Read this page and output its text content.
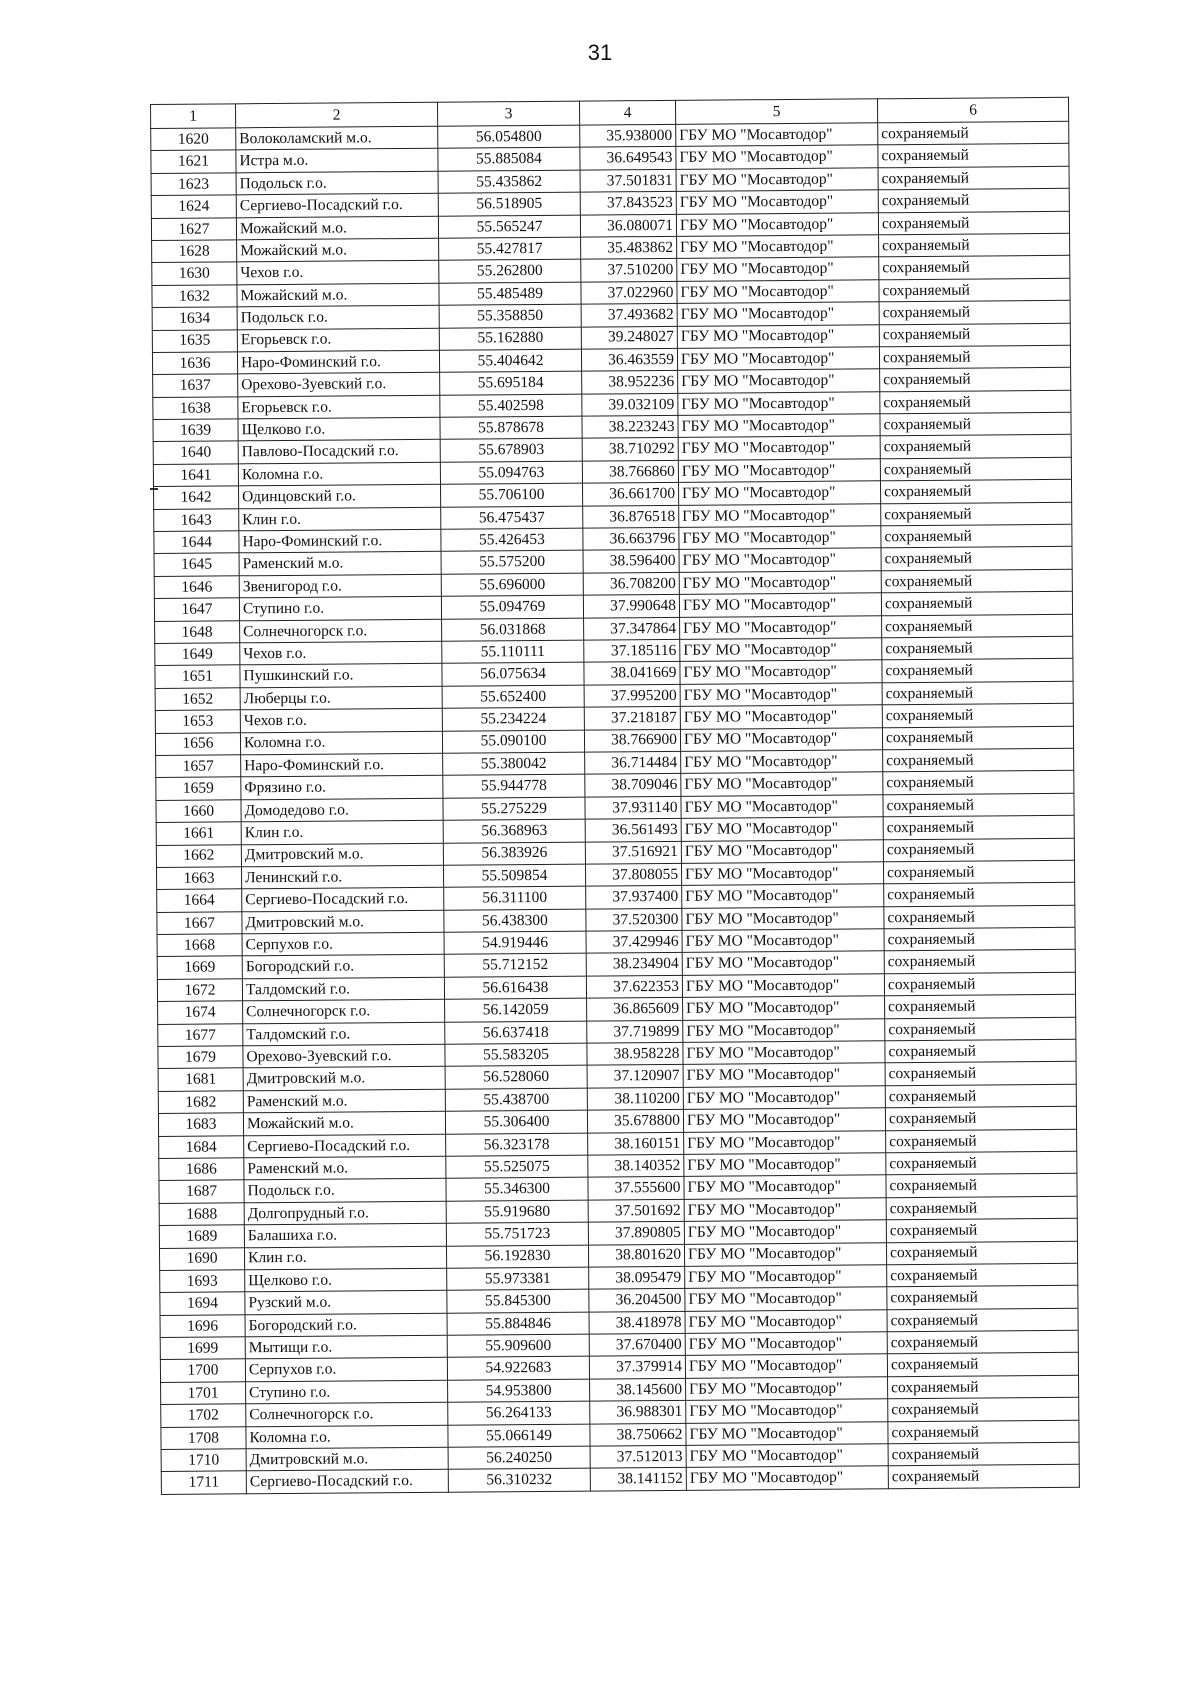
31
1	2	3	4	5	6
1620	Волоколамский м.о.	56.054800	35.938000	ГБУ МО "Мосавтодор"	сохраняемый
1621	Истра м.о.	55.885084	36.649543	ГБУ МО "Мосавтодор"	сохраняемый
1623	Подольск г.о.	55.435862	37.501831	ГБУ МО "Мосавтодор"	сохраняемый
1624	Сергиево-Посадский г.о.	56.518905	37.843523	ГБУ МО "Мосавтодор"	сохраняемый
1627	Можайский м.о.	55.565247	36.080071	ГБУ МО "Мосавтодор"	сохраняемый
1628	Можайский м.о.	55.427817	35.483862	ГБУ МО "Мосавтодор"	сохраняемый
1630	Чехов г.о.	55.262800	37.510200	ГБУ МО "Мосавтодор"	сохраняемый
1632	Можайский м.о.	55.485489	37.022960	ГБУ МО "Мосавтодор"	сохраняемый
1634	Подольск г.о.	55.358850	37.493682	ГБУ МО "Мосавтодор"	сохраняемый
1635	Егорьевск г.о.	55.162880	39.248027	ГБУ МО "Мосавтодор"	сохраняемый
1636	Наро-Фоминский г.о.	55.404642	36.463559	ГБУ МО "Мосавтодор"	сохраняемый
1637	Орехово-Зуевский г.о.	55.695184	38.952236	ГБУ МО "Мосавтодор"	сохраняемый
1638	Егорьевск г.о.	55.402598	39.032109	ГБУ МО "Мосавтодор"	сохраняемый
1639	Щелково г.о.	55.878678	38.223243	ГБУ МО "Мосавтодор"	сохраняемый
1640	Павлово-Посадский г.о.	55.678903	38.710292	ГБУ МО "Мосавтодор"	сохраняемый
1641	Коломна г.о.	55.094763	38.766860	ГБУ МО "Мосавтодор"	сохраняемый
1642	Одинцовский г.о.	55.706100	36.661700	ГБУ МО "Мосавтодор"	сохраняемый
1643	Клин г.о.	56.475437	36.876518	ГБУ МО "Мосавтодор"	сохраняемый
1644	Наро-Фоминский г.о.	55.426453	36.663796	ГБУ МО "Мосавтодор"	сохраняемый
1645	Раменский м.о.	55.575200	38.596400	ГБУ МО "Мосавтодор"	сохраняемый
1646	Звенигород г.о.	55.696000	36.708200	ГБУ МО "Мосавтодор"	сохраняемый
1647	Ступино г.о.	55.094769	37.990648	ГБУ МО "Мосавтодор"	сохраняемый
1648	Солнечногорск г.о.	56.031868	37.347864	ГБУ МО "Мосавтодор"	сохраняемый
1649	Чехов г.о.	55.110111	37.185116	ГБУ МО "Мосавтодор"	сохраняемый
1651	Пушкинский г.о.	56.075634	38.041669	ГБУ МО "Мосавтодор"	сохраняемый
1652	Люберцы г.о.	55.652400	37.995200	ГБУ МО "Мосавтодор"	сохраняемый
1653	Чехов г.о.	55.234224	37.218187	ГБУ МО "Мосавтодор"	сохраняемый
1656	Коломна г.о.	55.090100	38.766900	ГБУ МО "Мосавтодор"	сохраняемый
1657	Наро-Фоминский г.о.	55.380042	36.714484	ГБУ МО "Мосавтодор"	сохраняемый
1659	Фрязино г.о.	55.944778	38.709046	ГБУ МО "Мосавтодор"	сохраняемый
1660	Домодедово г.о.	55.275229	37.931140	ГБУ МО "Мосавтодор"	сохраняемый
1661	Клин г.о.	56.368963	36.561493	ГБУ МО "Мосавтодор"	сохраняемый
1662	Дмитровский м.о.	56.383926	37.516921	ГБУ МО "Мосавтодор"	сохраняемый
1663	Ленинский г.о.	55.509854	37.808055	ГБУ МО "Мосавтодор"	сохраняемый
1664	Сергиево-Посадский г.о.	56.311100	37.937400	ГБУ МО "Мосавтодор"	сохраняемый
1667	Дмитровский м.о.	56.438300	37.520300	ГБУ МО "Мосавтодор"	сохраняемый
1668	Серпухов г.о.	54.919446	37.429946	ГБУ МО "Мосавтодор"	сохраняемый
1669	Богородский г.о.	55.712152	38.234904	ГБУ МО "Мосавтодор"	сохраняемый
1672	Талдомский г.о.	56.616438	37.622353	ГБУ МО "Мосавтодор"	сохраняемый
1674	Солнечногорск г.о.	56.142059	36.865609	ГБУ МО "Мосавтодор"	сохраняемый
1677	Талдомский г.о.	56.637418	37.719899	ГБУ МО "Мосавтодор"	сохраняемый
1679	Орехово-Зуевский г.о.	55.583205	38.958228	ГБУ МО "Мосавтодор"	сохраняемый
1681	Дмитровский м.о.	56.528060	37.120907	ГБУ МО "Мосавтодор"	сохраняемый
1682	Раменский м.о.	55.438700	38.110200	ГБУ МО "Мосавтодор"	сохраняемый
1683	Можайский м.о.	55.306400	35.678800	ГБУ МО "Мосавтодор"	сохраняемый
1684	Сергиево-Посадский г.о.	56.323178	38.160151	ГБУ МО "Мосавтодор"	сохраняемый
1686	Раменский м.о.	55.525075	38.140352	ГБУ МО "Мосавтодор"	сохраняемый
1687	Подольск г.о.	55.346300	37.555600	ГБУ МО "Мосавтодор"	сохраняемый
1688	Долгопрудный г.о.	55.919680	37.501692	ГБУ МО "Мосавтодор"	сохраняемый
1689	Балашиха г.о.	55.751723	37.890805	ГБУ МО "Мосавтодор"	сохраняемый
1690	Клин г.о.	56.192830	38.801620	ГБУ МО "Мосавтодор"	сохраняемый
1693	Щелково г.о.	55.973381	38.095479	ГБУ МО "Мосавтодор"	сохраняемый
1694	Рузский м.о.	55.845300	36.204500	ГБУ МО "Мосавтодор"	сохраняемый
1696	Богородский г.о.	55.884846	38.418978	ГБУ МО "Мосавтодор"	сохраняемый
1699	Мытищи г.о.	55.909600	37.670400	ГБУ МО "Мосавтодор"	сохраняемый
1700	Серпухов г.о.	54.922683	37.379914	ГБУ МО "Мосавтодор"	сохраняемый
1701	Ступино г.о.	54.953800	38.145600	ГБУ МО "Мосавтодор"	сохраняемый
1702	Солнечногорск г.о.	56.264133	36.988301	ГБУ МО "Мосавтодор"	сохраняемый
1708	Коломна г.о.	55.066149	38.750662	ГБУ МО "Мосавтодор"	сохраняемый
1710	Дмитровский м.о.	56.240250	37.512013	ГБУ МО "Мосавтодор"	сохраняемый
1711	Сергиево-Посадский г.о.	56.310232	38.141152	ГБУ МО "Мосавтодор"	сохраняемый
